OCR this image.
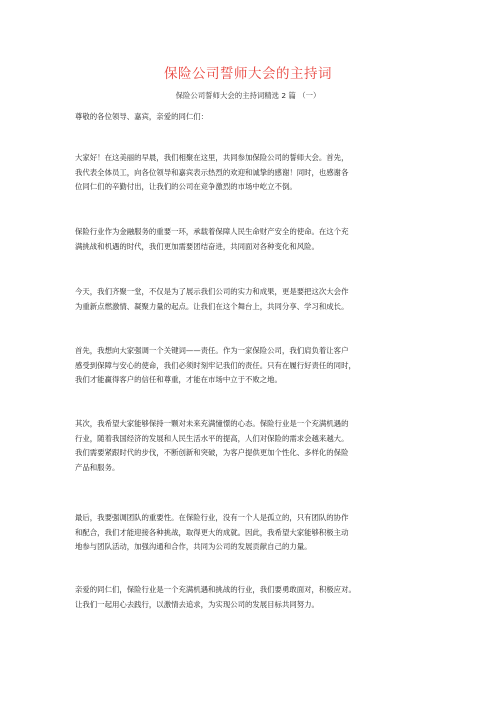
保险公司誓师大会的主持词
保险公司誓师大会的主持词精选 2 篇 （一）
尊敬的各位领导、嘉宾，亲爱的同仁们：
大家好！在这美丽的早晨，我们相聚在这里，共同参加保险公司的誓师大会。首先，
我代表全体员工，向各位领导和嘉宾表示热烈的欢迎和诚挚的感谢！同时，也感谢各
位同仁们的辛勤付出，让我们的公司在竞争激烈的市场中屹立不倒。
保险行业作为金融服务的重要一环，承载着保障人民生命财产安全的使命。在这个充
满挑战和机遇的时代，我们更加需要团结奋进，共同面对各种变化和风险。
今天，我们齐聚一堂，不仅是为了展示我们公司的实力和成果，更是要把这次大会作
为重新点燃激情、凝聚力量的起点。让我们在这个舞台上，共同分享、学习和成长。
首先，我想向大家强调一个关键词——责任。作为一家保险公司，我们肩负着让客户
感受到保障与安心的使命，我们必须时刻牢记我们的责任。只有在履行好责任的同时，
我们才能赢得客户的信任和尊重，才能在市场中立于不败之地。
其次，我希望大家能够保持一颗对未来充满憧憬的心态。保险行业是一个充满机遇的
行业，随着我国经济的发展和人民生活水平的提高，人们对保险的需求会越来越大。
我们需要紧跟时代的步伐，不断创新和突破，为客户提供更加个性化、多样化的保险
产品和服务。
最后，我要强调团队的重要性。在保险行业，没有一个人是孤立的，只有团队的协作
和配合，我们才能迎接各种挑战，取得更大的成就。因此，我希望大家能够积极主动
地参与团队活动，加强沟通和合作，共同为公司的发展贡献自己的力量。
亲爱的同仁们，保险行业是一个充满机遇和挑战的行业，我们要勇敢面对，积极应对。
让我们一起用心去践行，以激情去追求，为实现公司的发展目标共同努力。
